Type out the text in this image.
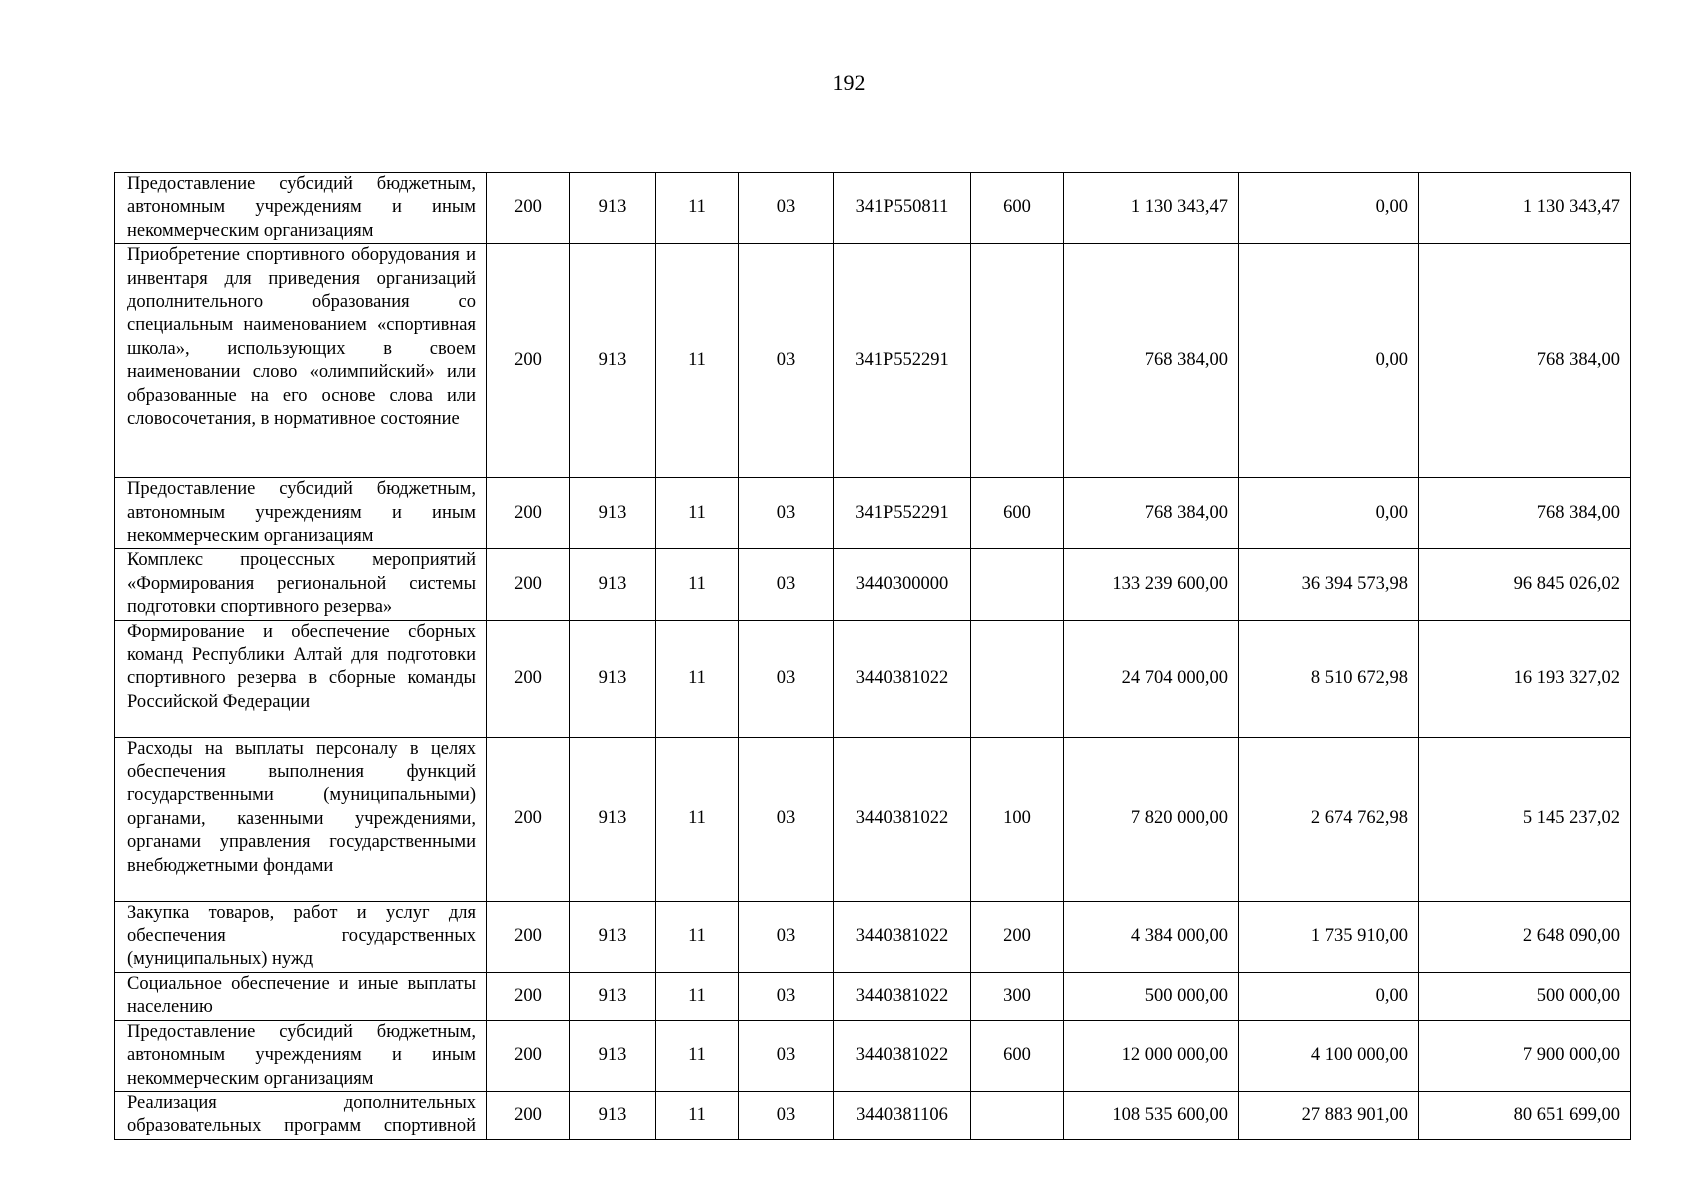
192
Предоставление субсидий бюджетным, автономным учреждениям и иным некоммерческим организациям	200	913	11	03	341P550811	600	1 130 343,47	0,00	1 130 343,47
Приобретение спортивного оборудования и инвентаря для приведения организаций дополнительного образования со специальным наименованием «спортивная школа», использующих в своем наименовании слово «олимпийский» или образованные на его основе слова или словосочетания, в нормативное состояние	200	913	11	03	341P552291		768 384,00	0,00	768 384,00
Предоставление субсидий бюджетным, автономным учреждениям и иным некоммерческим организациям	200	913	11	03	341P552291	600	768 384,00	0,00	768 384,00
Комплекс процессных мероприятий «Формирования региональной системы подготовки спортивного резерва»	200	913	11	03	3440300000		133 239 600,00	36 394 573,98	96 845 026,02
Формирование и обеспечение сборных команд Республики Алтай для подготовки спортивного резерва в сборные команды Российской Федерации	200	913	11	03	3440381022		24 704 000,00	8 510 672,98	16 193 327,02
Расходы на выплаты персоналу в целях обеспечения выполнения функций государственными (муниципальными) органами, казенными учреждениями, органами управления государственными внебюджетными фондами	200	913	11	03	3440381022	100	7 820 000,00	2 674 762,98	5 145 237,02
Закупка товаров, работ и услуг для обеспечения государственных (муниципальных) нужд	200	913	11	03	3440381022	200	4 384 000,00	1 735 910,00	2 648 090,00
Социальное обеспечение и иные выплаты населению	200	913	11	03	3440381022	300	500 000,00	0,00	500 000,00
Предоставление субсидий бюджетным, автономным учреждениям и иным некоммерческим организациям	200	913	11	03	3440381022	600	12 000 000,00	4 100 000,00	7 900 000,00
Реализация дополнительных образовательных программ спортивной	200	913	11	03	3440381106		108 535 600,00	27 883 901,00	80 651 699,00
